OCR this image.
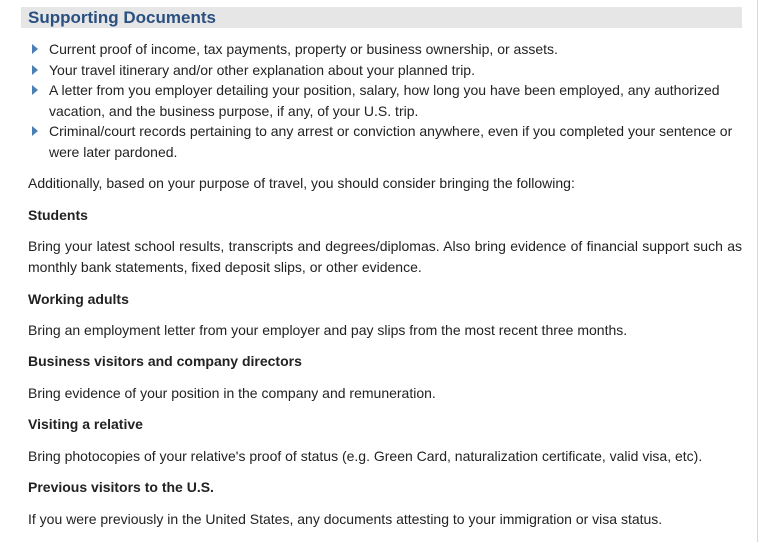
Supporting Documents
Current proof of income, tax payments, property or business ownership, or assets.
Your travel itinerary and/or other explanation about your planned trip.
A letter from you employer detailing your position, salary, how long you have been employed, any authorized vacation, and the business purpose, if any, of your U.S. trip.
Criminal/court records pertaining to any arrest or conviction anywhere, even if you completed your sentence or were later pardoned.

Additionally, based on your purpose of travel, you should consider bringing the following:

Students

Bring your latest school results, transcripts and degrees/diplomas. Also bring evidence of financial support such as monthly bank statements, fixed deposit slips, or other evidence.

Working adults

Bring an employment letter from your employer and pay slips from the most recent three months.

Business visitors and company directors

Bring evidence of your position in the company and remuneration.

Visiting a relative

Bring photocopies of your relative's proof of status (e.g. Green Card, naturalization certificate, valid visa, etc).

Previous visitors to the U.S.

If you were previously in the United States, any documents attesting to your immigration or visa status.
